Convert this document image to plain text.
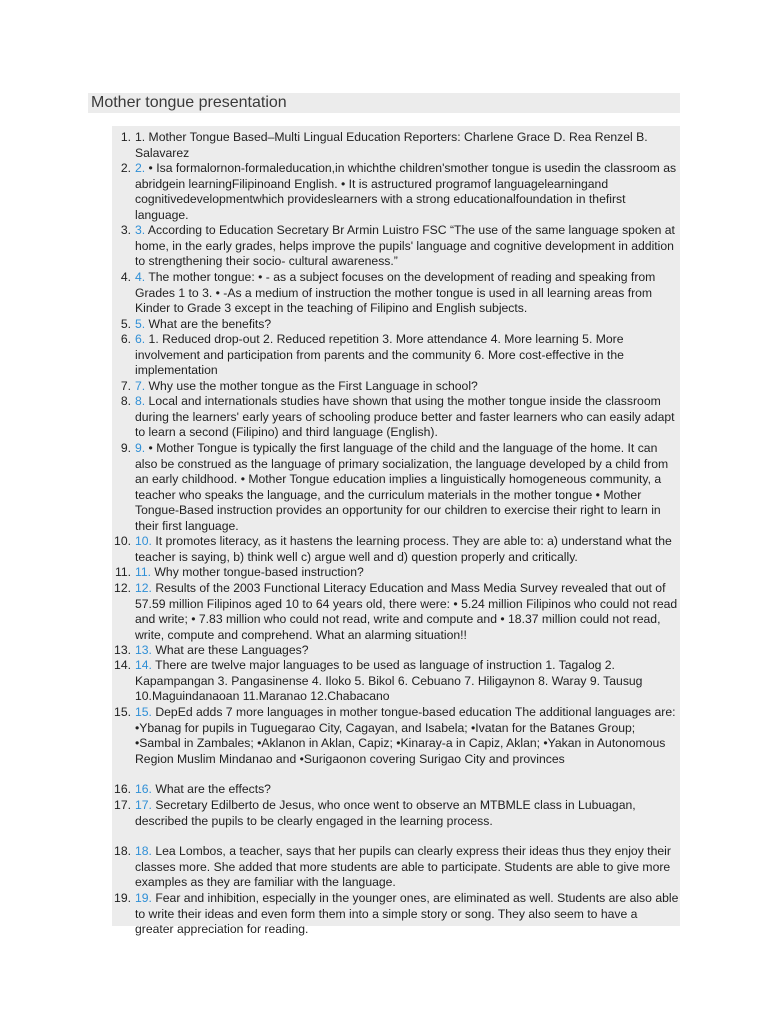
Mother tongue presentation
1. 1. Mother Tongue Based–Multi Lingual Education Reporters: Charlene Grace D. Rea Renzel B. Salavarez
2. 2. • Isa formalornon-formaleducation,in whichthe children'smother tongue is usedin the classroom as abridgein learningFilipinoand English. • It is astructured programof languagelearningand cognitivedevelopmentwhich provideslearners with a strong educationalfoundation in thefirst language.
3. 3. According to Education Secretary Br Armin Luistro FSC “The use of the same language spoken at home, in the early grades, helps improve the pupils' language and cognitive development in addition to strengthening their socio- cultural awareness.”
4. 4. The mother tongue: • - as a subject focuses on the development of reading and speaking from Grades 1 to 3. • -As a medium of instruction the mother tongue is used in all learning areas from Kinder to Grade 3 except in the teaching of Filipino and English subjects.
5. 5. What are the benefits?
6. 6. 1. Reduced drop-out 2. Reduced repetition 3. More attendance 4. More learning 5. More involvement and participation from parents and the community 6. More cost-effective in the implementation
7. 7. Why use the mother tongue as the First Language in school?
8. 8. Local and internationals studies have shown that using the mother tongue inside the classroom during the learners' early years of schooling produce better and faster learners who can easily adapt to learn a second (Filipino) and third language (English).
9. 9. • Mother Tongue is typically the first language of the child and the language of the home. It can also be construed as the language of primary socialization, the language developed by a child from an early childhood. • Mother Tongue education implies a linguistically homogeneous community, a teacher who speaks the language, and the curriculum materials in the mother tongue • Mother Tongue-Based instruction provides an opportunity for our children to exercise their right to learn in their first language.
10. 10. It promotes literacy, as it hastens the learning process. They are able to: a) understand what the teacher is saying, b) think well c) argue well and d) question properly and critically.
11. 11. Why mother tongue-based instruction?
12. 12. Results of the 2003 Functional Literacy Education and Mass Media Survey revealed that out of 57.59 million Filipinos aged 10 to 64 years old, there were: • 5.24 million Filipinos who could not read and write; • 7.83 million who could not read, write and compute and • 18.37 million could not read, write, compute and comprehend. What an alarming situation!!
13. 13. What are these Languages?
14. 14. There are twelve major languages to be used as language of instruction 1. Tagalog 2. Kapampangan 3. Pangasinense 4. Iloko 5. Bikol 6. Cebuano 7. Hiligaynon 8. Waray 9. Tausug 10.Maguindanaoan 11.Maranao 12.Chabacano
15. 15. DepEd adds 7 more languages in mother tongue-based education The additional languages are: •Ybanag for pupils in Tuguegarao City, Cagayan, and Isabela; •Ivatan for the Batanes Group; •Sambal in Zambales; •Aklanon in Aklan, Capiz; •Kinaray-a in Capiz, Aklan; •Yakan in Autonomous Region Muslim Mindanao and •Surigaonon covering Surigao City and provinces
16. 16. What are the effects?
17. 17. Secretary Edilberto de Jesus, who once went to observe an MTBMLE class in Lubuagan, described the pupils to be clearly engaged in the learning process.
18. 18. Lea Lombos, a teacher, says that her pupils can clearly express their ideas thus they enjoy their classes more. She added that more students are able to participate. Students are able to give more examples as they are familiar with the language.
19. 19. Fear and inhibition, especially in the younger ones, are eliminated as well. Students are also able to write their ideas and even form them into a simple story or song. They also seem to have a greater appreciation for reading.
